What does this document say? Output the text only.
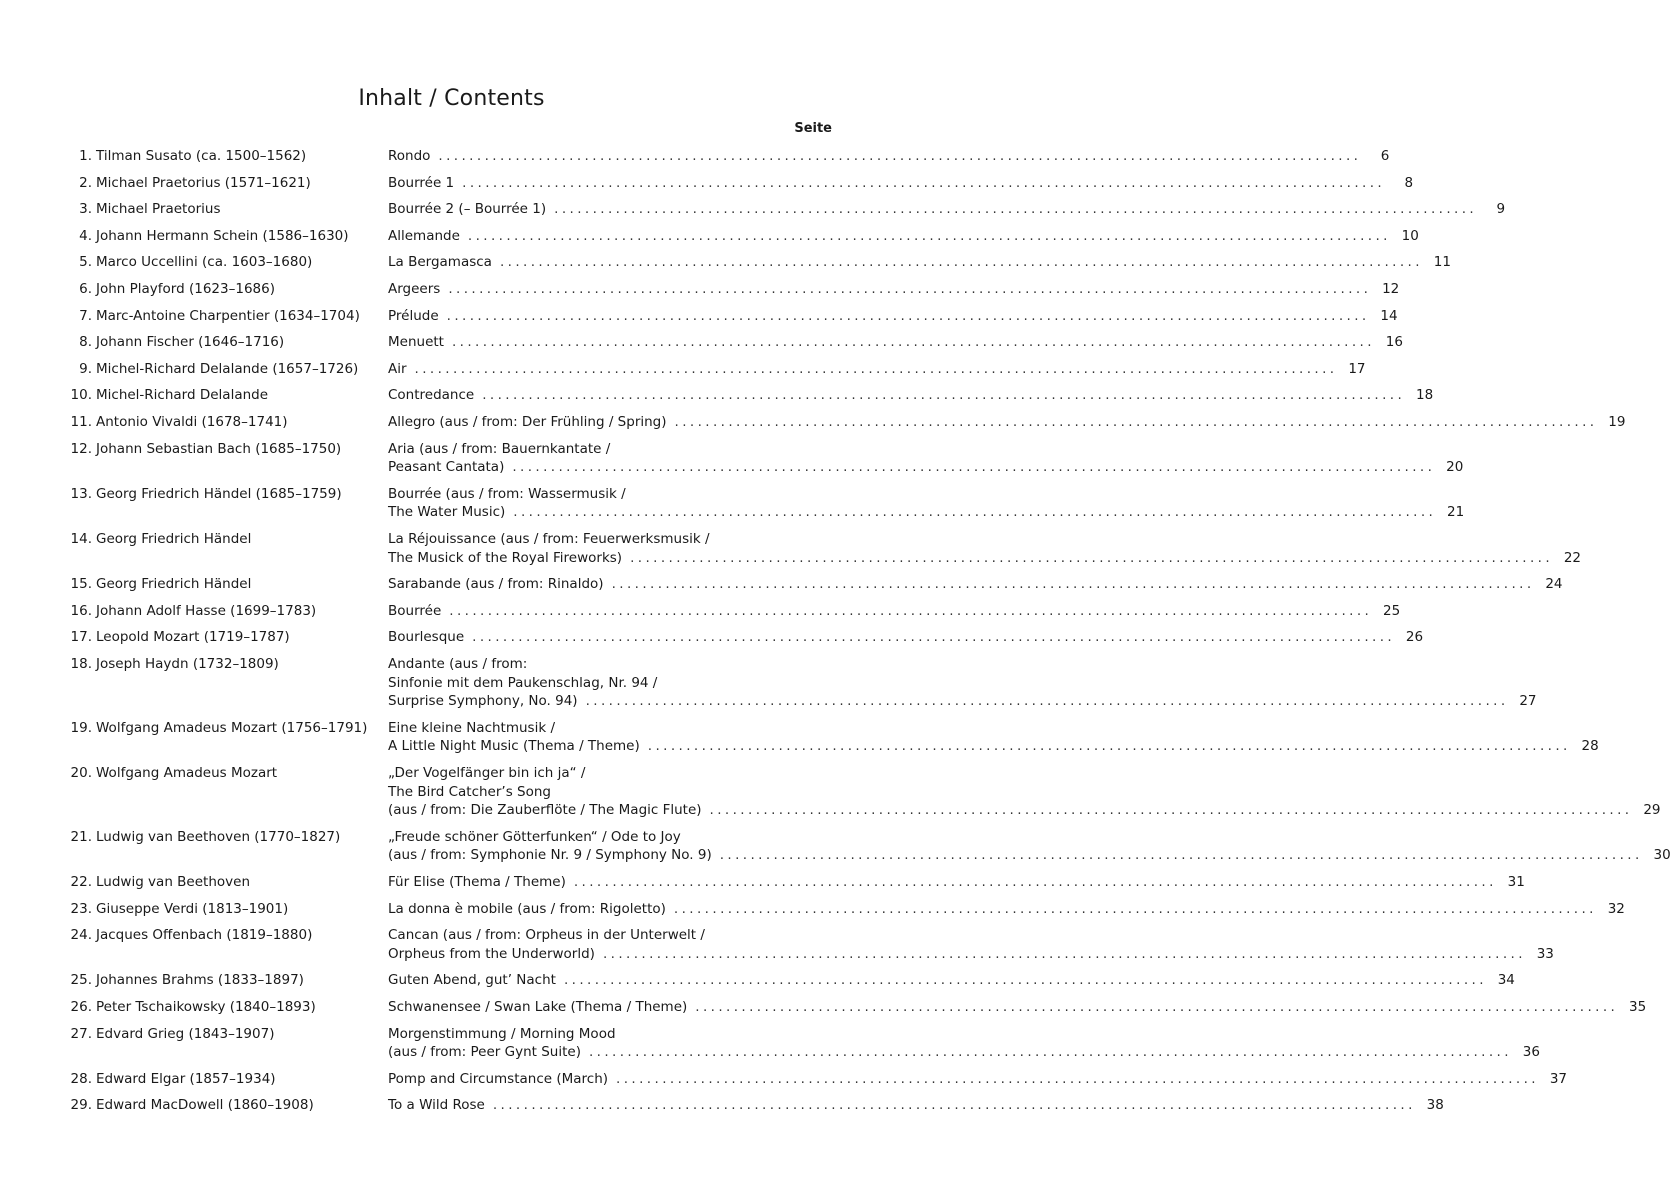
Inhalt / Contents
Seite
1. Tilman Susato (ca. 1500–1562)	Rondo ........................................................................................................................	6
2. Michael Praetorius (1571–1621)	Bourrée 1 ........................................................................................................................	8
3. Michael Praetorius	Bourrée 2 (– Bourrée 1) ........................................................................................................................	9
4. Johann Hermann Schein (1586–1630)	Allemande ........................................................................................................................ 10
5. Marco Uccellini (ca. 1603–1680)	La Bergamasca ........................................................................................................................ 11
6. John Playford (1623–1686)	Argeers ........................................................................................................................ 12
7. Marc-Antoine Charpentier (1634–1704)	Prélude ........................................................................................................................ 14
8. Johann Fischer (1646–1716)	Menuett ........................................................................................................................ 16
9. Michel-Richard Delalande (1657–1726)	Air ........................................................................................................................ 17
10. Michel-Richard Delalande	Contredance ........................................................................................................................ 18
11. Antonio Vivaldi (1678–1741)	Allegro (aus / from: Der Frühling / Spring) ........................................................................................................................ 19
12. Johann Sebastian Bach (1685–1750)	Aria (aus / from: Bauernkantate /
Peasant Cantata) ........................................................................................................................ 20
13. Georg Friedrich Händel (1685–1759)	Bourrée (aus / from: Wassermusik /
The Water Music) ........................................................................................................................ 21
14. Georg Friedrich Händel	La Réjouissance (aus / from: Feuerwerksmusik /
The Musick of the Royal Fireworks) ........................................................................................................................ 22
15. Georg Friedrich Händel	Sarabande (aus / from: Rinaldo) ........................................................................................................................ 24
16. Johann Adolf Hasse (1699–1783)	Bourrée ........................................................................................................................ 25
17. Leopold Mozart (1719–1787)	Bourlesque ........................................................................................................................ 26
18. Joseph Haydn (1732–1809)	Andante (aus / from:
Sinfonie mit dem Paukenschlag, Nr. 94 /
Surprise Symphony, No. 94) ........................................................................................................................ 27
19. Wolfgang Amadeus Mozart (1756–1791)	Eine kleine Nachtmusik /
A Little Night Music (Thema / Theme) ........................................................................................................................ 28
20. Wolfgang Amadeus Mozart	„Der Vogelfänger bin ich ja“ /
The Bird Catcher’s Song
(aus / from: Die Zauberflöte / The Magic Flute) ........................................................................................................................ 29
21. Ludwig van Beethoven (1770–1827)	„Freude schöner Götterfunken“ / Ode to Joy
(aus / from: Symphonie Nr. 9 / Symphony No. 9) ........................................................................................................................ 30
22. Ludwig van Beethoven	Für Elise (Thema / Theme) ........................................................................................................................ 31
23. Giuseppe Verdi (1813–1901)	La donna è mobile (aus / from: Rigoletto) ........................................................................................................................ 32
24. Jacques Offenbach (1819–1880)	Cancan (aus / from: Orpheus in der Unterwelt /
Orpheus from the Underworld) ........................................................................................................................ 33
25. Johannes Brahms (1833–1897)	Guten Abend, gut’ Nacht ........................................................................................................................ 34
26. Peter Tschaikowsky (1840–1893)	Schwanensee / Swan Lake (Thema / Theme) ........................................................................................................................ 35
27. Edvard Grieg (1843–1907)	Morgenstimmung / Morning Mood
(aus / from: Peer Gynt Suite) ........................................................................................................................ 36
28. Edward Elgar (1857–1934)	Pomp and Circumstance (March) ........................................................................................................................ 37
29. Edward MacDowell (1860–1908)	To a Wild Rose ........................................................................................................................ 38
